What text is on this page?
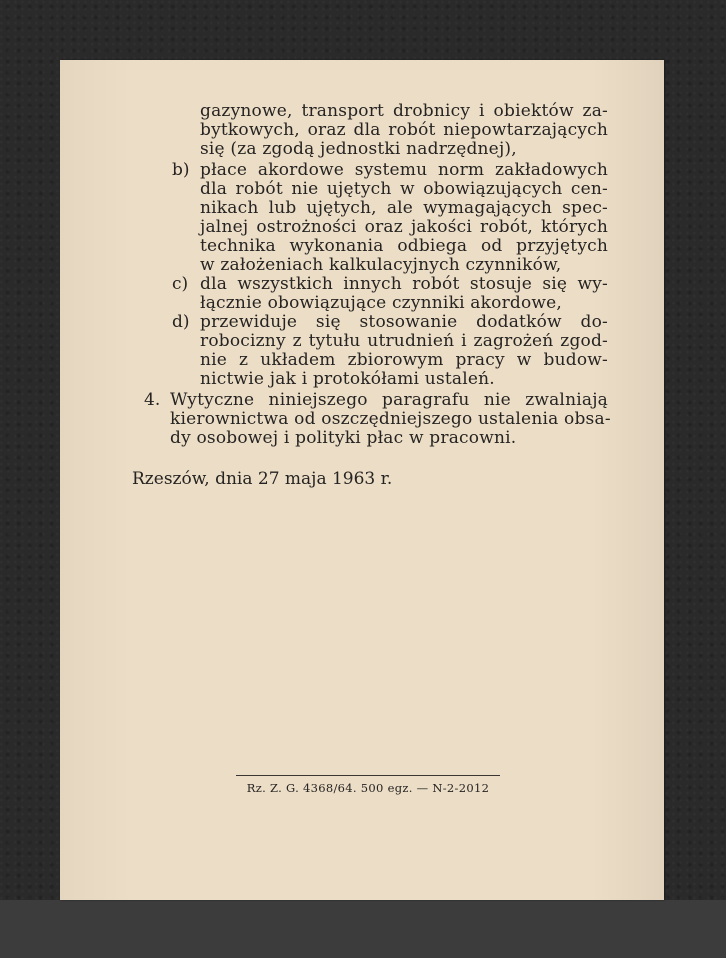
gazynowe, transport drobnicy i obiektów za-
bytkowych, oraz dla robót niepowtarzających
się (za zgodą jednostki nadrzędnej),
b) płace akordowe systemu norm zakładowych
dla robót nie ujętych w obowiązujących cen-
nikach lub ujętych, ale wymagających spec-
jalnej ostrożności oraz jakości robót, których
technika wykonania odbiega od przyjętych
w założeniach kalkulacyjnych czynników,
c) dla wszystkich innych robót stosuje się wy-
łącznie obowiązujące czynniki akordowe,
d) przewiduje się stosowanie dodatków do-
robocizny z tytułu utrudnień i zagrożeń zgod-
nie z układem zbiorowym pracy w budow-
nictwie jak i protokółami ustaleń.
4. Wytyczne niniejszego paragrafu nie zwalniają
kierownictwa od oszczędniejszego ustalenia obsa-
dy osobowej i polityki płac w pracowni.
Rzeszów, dnia 27 maja 1963 r.
Rz. Z. G. 4368/64. 500 egz. — N-2-2012
